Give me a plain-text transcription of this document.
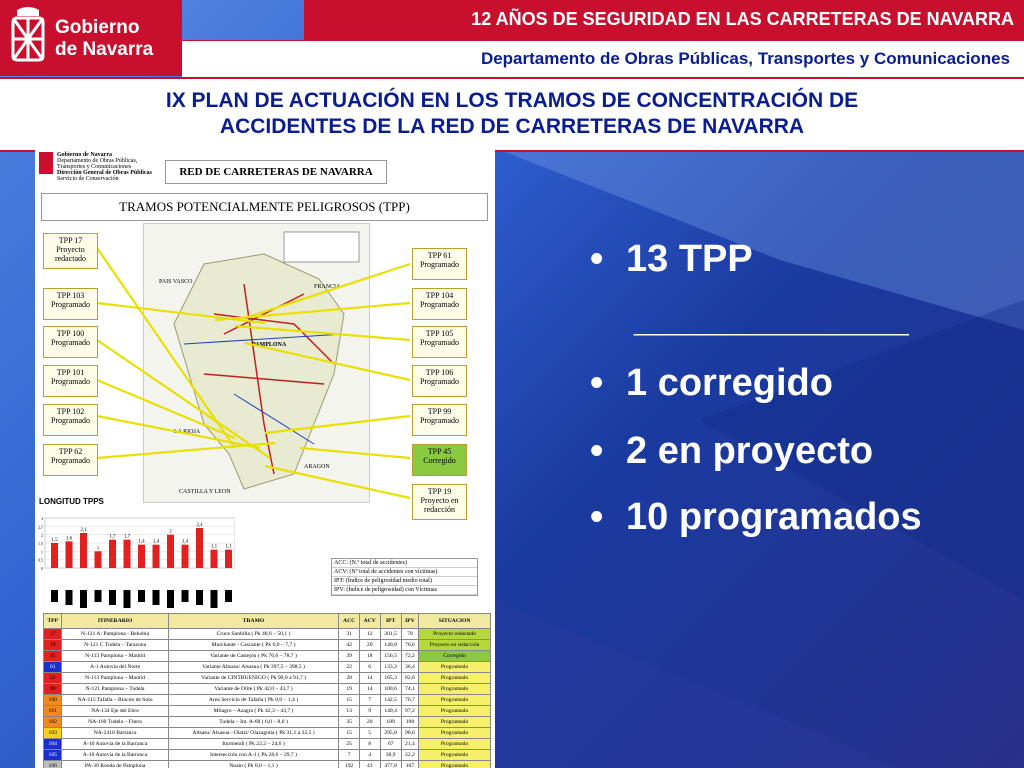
Gobierno
de Navarra
12 AÑOS DE SEGURIDAD EN LAS CARRETERAS DE NAVARRA
Departamento de Obras Públicas, Transportes y Comunicaciones
IX PLAN DE ACTUACIÓN EN LOS TRAMOS DE CONCENTRACIÓN DE
ACCIDENTES DE LA RED DE CARRETERAS DE NAVARRA
Gobierno de Navarra
Departamento de Obras Públicas,
Transportes y Comunicaciones
Dirección General de Obras Públicas
Servicio de Conservación
RED DE CARRETERAS DE NAVARRA
TRAMOS POTENCIALMENTE PELIGROSOS (TPP)
PAIS VASCO
FRANCIA
ARAGON
LA RIOJA
CASTILLA Y LEON
PAMPLONA
TPP 17
Proyecto
redactado
TPP 103
Programado
TPP 100
Programado
TPP 101
Programado
TPP 102
Programado
TPP 62
Programado
TPP 61
Programado
TPP 104
Programado
TPP 105
Programado
TPP 106
Programado
TPP 99
Programado
TPP 45
Corregido
TPP 19
Proyecto en
redacción
LONGITUD TPPS
3
2,5
2
1,5
1
0,5
0
1,5 1,6
2,1
1
1,7 1,7
1,4 1,4
2
1,4
2,4
1,1 1,1
ACC: (N.º total de accidentes)
ACV: (Nº total de accidentes con víctimas)
IPT: (Índice de peligrosidad medio total)
IPV: (Índice de peligrosidad) con Víctimas
TPP	ITINERARIO	TRAMO	ACC	ACV	IPT	IPV	SITUACION
17	N-121 A: Pamplona - Behobia	Cruce Sunbilla ( Pk 48,6 – 50,1 )	31	12	201,5	78	Proyecto redactado
19	N-121 C Tudela – Tarazona	Murchante - Cascante ( Pk 6,0 – 7,7 )	42	20	140,8	76,6	Proyecto en redacción
45	N-113 Pamplona – Madrid	Variante de Castejón ( Pk 76,6 – 78,7 )	39	18	156,5	72,2	Corregido
61	A-1 Autovía del Norte	Variante Altsasu/ Alsasua ( Pk 397,5 – 398,5 )	22	6	133,3	36,4	Programado
62	N-113 Pamplona – Madrid	Variante de CINTRUENIGO ( Pk 90,0 a 91,7 )	28	14	165,3	82,6	Programado
99	N-121 Pamplona – Tudela	Variante de Olite ( Pk 42,0 – 43,7 )	19	14	100,6	74,1	Programado
100	NA-115 Tafalla – Rincón de Soto	Area Servicio de Tafalla ( Pk 0,0 – 1,4 )	15	7	142,5	76,7	Programado
101	NA-134 Eje del Ebro	Milagro – Azagra ( Pk 42,3 – 43,7 )	13	9	140,4	97,2	Programado
102	NA-160 Tudela – Fitero	Tudela – Int. A-68 ( 6,0 – 8,0 )	35	20	189	108	Programado
103	NA-2410 Barranca	Altsasu/ Alsasua –Olatzi/ Olazagutia ( Pk 31,1 a 32,5 )	15	5	295,8	98,6	Programado
104	A-10 Autovía de la Barranca	Iturmendi ( Pk 22,2 – 24,6 )	25	8	67	21,4	Programado
105	A-10 Autovía de la Barranca	Intersección con A-1 ( Pk 28,6 – 29,7 )	7	4	38,9	22,2	Programado
106	PA-30 Ronda de Pamplona	Noain ( Pk 0,0 – 1,1 )	192	43	477,8	107	Programado
• 13 TPP
_____________
• 1 corregido
• 2 en proyecto
• 10 programados
